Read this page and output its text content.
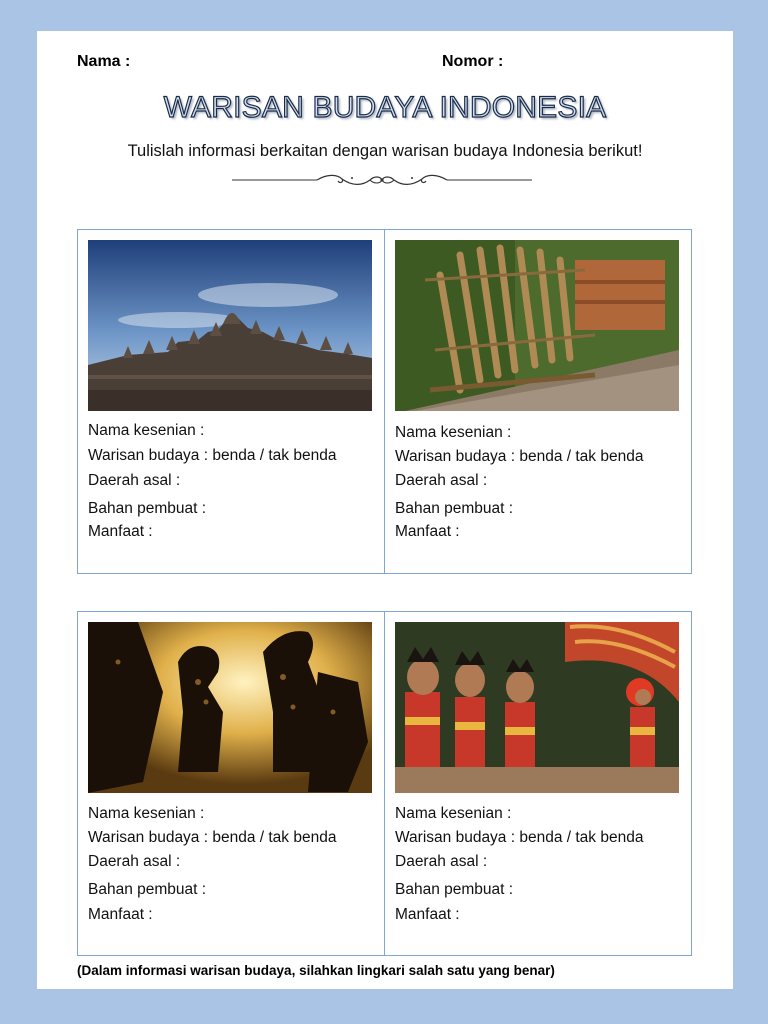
Nama :	Nomor :
WARISAN BUDAYA INDONESIA
Tulislah informasi berkaitan dengan warisan budaya Indonesia berikut!
Nama kesenian :
Warisan budaya : benda / tak benda
Daerah asal :
Bahan pembuat :
Manfaat :
Nama kesenian :
Warisan budaya : benda / tak benda
Daerah asal :
Bahan pembuat :
Manfaat :
Nama kesenian :
Warisan budaya : benda / tak benda
Daerah asal :
Bahan pembuat :
Manfaat :
Nama kesenian :
Warisan budaya : benda / tak benda
Daerah asal :
Bahan pembuat :
Manfaat :
(Dalam informasi warisan budaya, silahkan lingkari salah satu yang benar)
